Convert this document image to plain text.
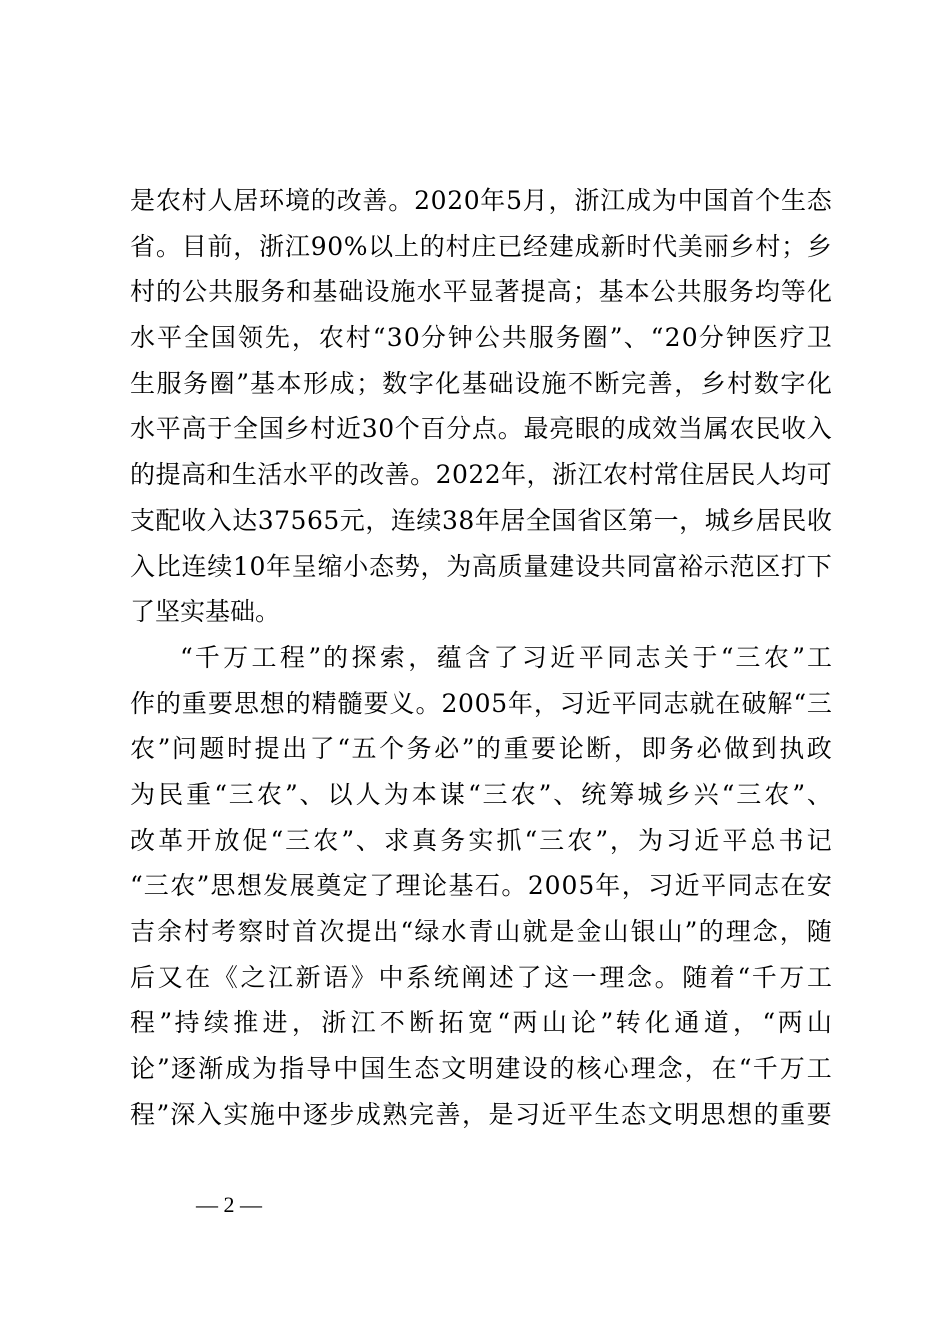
是 农 村 人 居 环 境 的 改 善 。 2 0 2 0 年 5 月 ， 浙 江 成 为 中 国 首 个 生 态
省 。 目 前 ， 浙 江 9 0 % 以 上 的 村 庄 已 经 建 成 新 时 代 美 丽 乡 村 ； 乡
村 的 公 共 服 务 和 基 础 设 施 水 平 显 著 提 高 ； 基 本 公 共 服 务 均 等 化
水 平 全 国 领 先 ， 农 村 “ 3 0 分 钟 公 共 服 务 圈 ” 、 “ 2 0 分 钟 医 疗 卫
生 服 务 圈 ” 基 本 形 成 ； 数 字 化 基 础 设 施 不 断 完 善 ， 乡 村 数 字 化
水 平 高 于 全 国 乡 村 近 3 0 个 百 分 点 。 最 亮 眼 的 成 效 当 属 农 民 收 入
的 提 高 和 生 活 水 平 的 改 善 。 2 0 2 2 年 ， 浙 江 农 村 常 住 居 民 人 均 可
支 配 收 入 达 3 7 5 6 5 元 ， 连 续 3 8 年 居 全 国 省 区 第 一 ， 城 乡 居 民 收
入 比 连 续 1 0 年 呈 缩 小 态 势 ， 为 高 质 量 建 设 共 同 富 裕 示 范 区 打 下
了坚实基础。
“ 千 万 工 程 ” 的 探 索 ， 蕴 含 了 习 近 平 同 志 关 于 “ 三 农 ” 工
作 的 重 要 思 想 的 精 髓 要 义 。 2 0 0 5 年 ， 习 近 平 同 志 就 在 破 解 “ 三
农 ” 问 题 时 提 出 了 “ 五 个 务 必 ” 的 重 要 论 断 ， 即 务 必 做 到 执 政
为 民 重 “ 三 农 ” 、 以 人 为 本 谋 “ 三 农 ” 、 统 筹 城 乡 兴 “ 三 农 ” 、
改 革 开 放 促 “ 三 农 ” 、 求 真 务 实 抓 “ 三 农 ” ， 为 习 近 平 总 书 记
“ 三 农 ” 思 想 发 展 奠 定 了 理 论 基 石 。 2 0 0 5 年 ， 习 近 平 同 志 在 安
吉 余 村 考 察 时 首 次 提 出 “ 绿 水 青 山 就 是 金 山 银 山 ” 的 理 念 ， 随
后 又 在 《 之 江 新 语 》 中 系 统 阐 述 了 这 一 理 念 。 随 着 “ 千 万 工
程 ” 持 续 推 进 ， 浙 江 不 断 拓 宽 “ 两 山 论 ” 转 化 通 道 ， “ 两 山
论 ” 逐 渐 成 为 指 导 中 国 生 态 文 明 建 设 的 核 心 理 念 ， 在 “ 千 万 工
程 ” 深 入 实 施 中 逐 步 成 熟 完 善 ， 是 习 近 平 生 态 文 明 思 想 的 重 要
— 2 —
